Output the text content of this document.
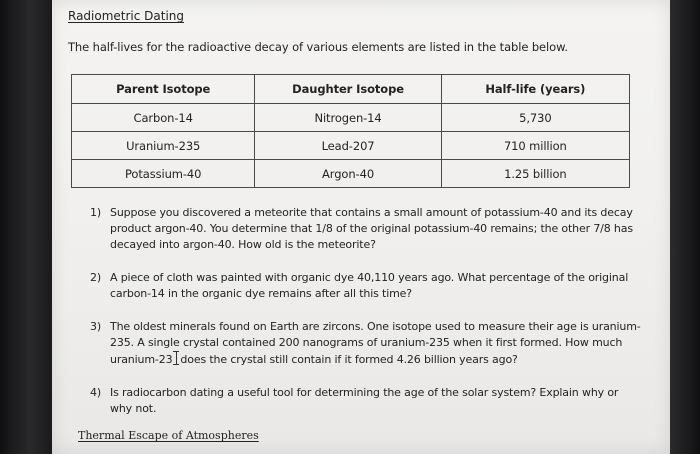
Radiometric Dating
The half-lives for the radioactive decay of various elements are listed in the table below.
Parent Isotope	Daughter Isotope	Half-life (years)
Carbon-14	Nitrogen-14	5,730
Uranium-235	Lead-207	710 million
Potassium-40	Argon-40	1.25 billion
1) Suppose you discovered a meteorite that contains a small amount of potassium-40 and its decay product argon-40. You determine that 1/8 of the original potassium-40 remains; the other 7/8 has decayed into argon-40. How old is the meteorite?
2) A piece of cloth was painted with organic dye 40,110 years ago. What percentage of the original carbon-14 in the organic dye remains after all this time?
3) The oldest minerals found on Earth are zircons. One isotope used to measure their age is uranium-
235. A single crystal contained 200 nanograms of uranium-235 when it first formed. How much
uranium-23 does the crystal still contain if it formed 4.26 billion years ago?
4) Is radiocarbon dating a useful tool for determining the age of the solar system? Explain why or why not.
Thermal Escape of Atmospheres
